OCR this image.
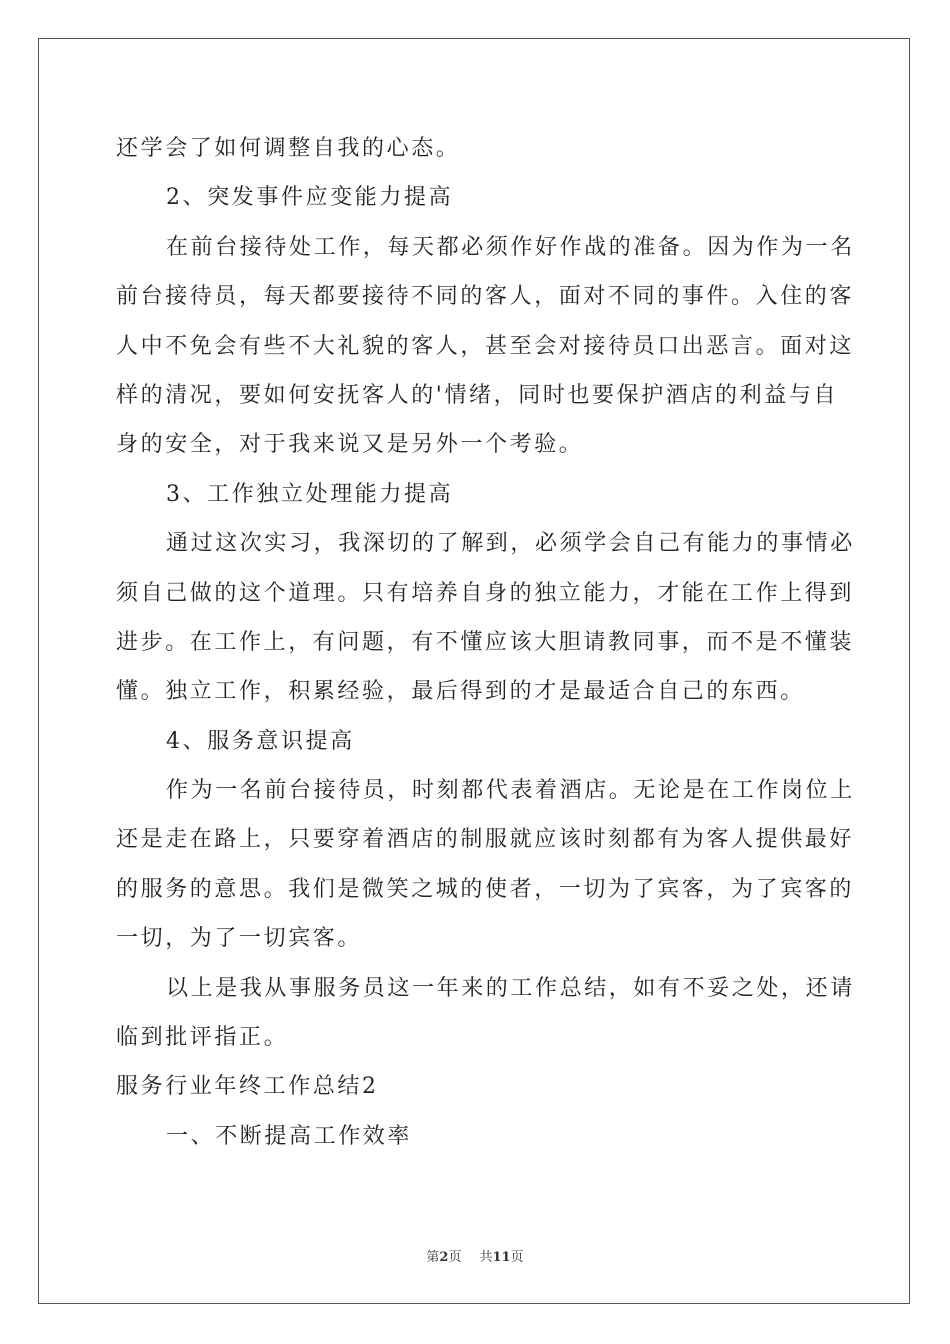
还学会了如何调整自我的心态。
2、突发事件应变能力提高
在前台接待处工作，每天都必须作好作战的准备。因为作为一名
前台接待员，每天都要接待不同的客人，面对不同的事件。入住的客
人中不免会有些不大礼貌的客人，甚至会对接待员口出恶言。面对这
样的清况，要如何安抚客人的'情绪，同时也要保护酒店的利益与自
身的安全，对于我来说又是另外一个考验。
3、工作独立处理能力提高
通过这次实习，我深切的了解到，必须学会自己有能力的事情必
须自己做的这个道理。只有培养自身的独立能力，才能在工作上得到
进步。在工作上，有问题，有不懂应该大胆请教同事，而不是不懂装
懂。独立工作，积累经验，最后得到的才是最适合自己的东西。
4、服务意识提高
作为一名前台接待员，时刻都代表着酒店。无论是在工作岗位上
还是走在路上，只要穿着酒店的制服就应该时刻都有为客人提供最好
的服务的意思。我们是微笑之城的使者，一切为了宾客，为了宾客的
一切，为了一切宾客。
以上是我从事服务员这一年来的工作总结，如有不妥之处，还请
临到批评指正。
服务行业年终工作总结2
一、不断提高工作效率
第2页 共11页
